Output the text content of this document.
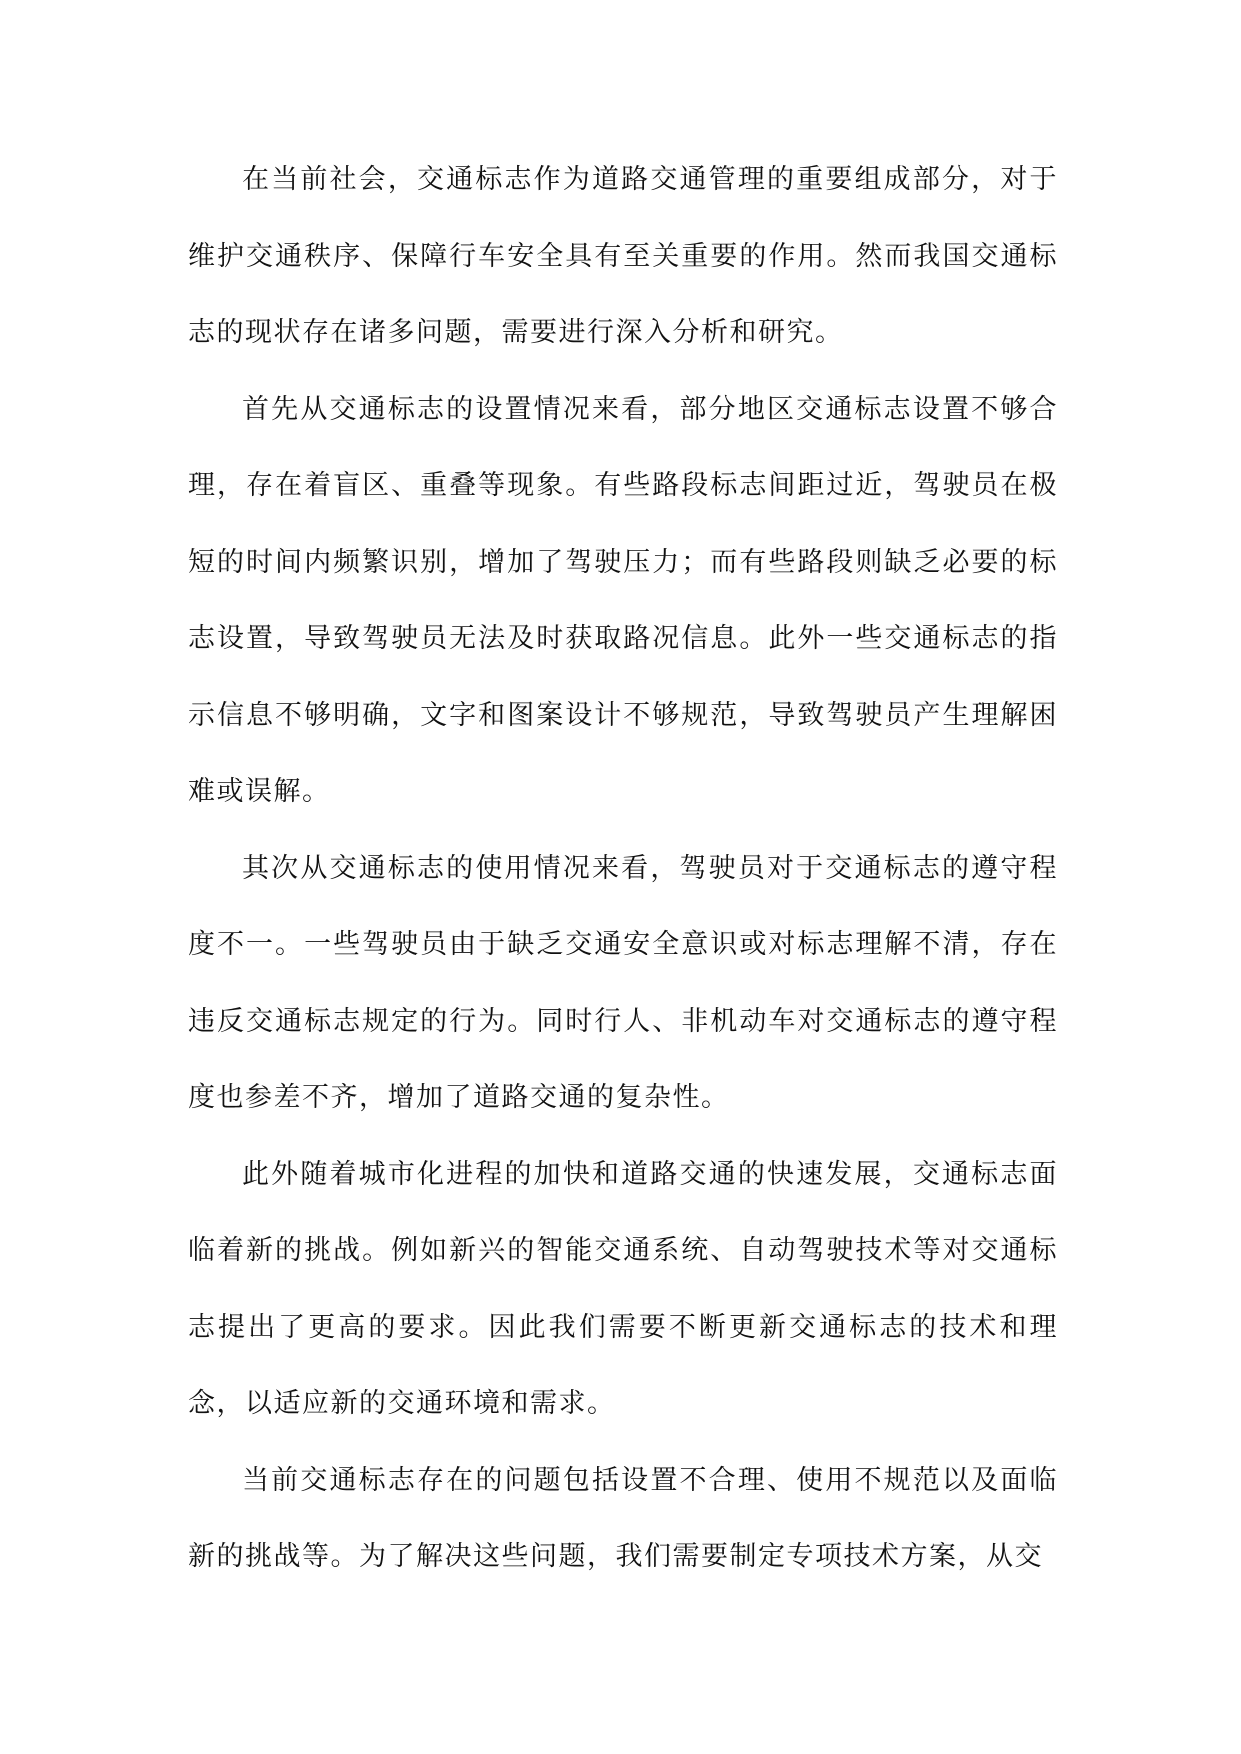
在当前社会，交通标志作为道路交通管理的重要组成部分，对于维护交通秩序、保障行车安全具有至关重要的作用。然而我国交通标志的现状存在诸多问题，需要进行深入分析和研究。

首先从交通标志的设置情况来看，部分地区交通标志设置不够合理，存在着盲区、重叠等现象。有些路段标志间距过近，驾驶员在极短的时间内频繁识别，增加了驾驶压力；而有些路段则缺乏必要的标志设置，导致驾驶员无法及时获取路况信息。此外一些交通标志的指示信息不够明确，文字和图案设计不够规范，导致驾驶员产生理解困难或误解。

其次从交通标志的使用情况来看，驾驶员对于交通标志的遵守程度不一。一些驾驶员由于缺乏交通安全意识或对标志理解不清，存在违反交通标志规定的行为。同时行人、非机动车对交通标志的遵守程度也参差不齐，增加了道路交通的复杂性。

此外随着城市化进程的加快和道路交通的快速发展，交通标志面临着新的挑战。例如新兴的智能交通系统、自动驾驶技术等对交通标志提出了更高的要求。因此我们需要不断更新交通标志的技术和理念，以适应新的交通环境和需求。

当前交通标志存在的问题包括设置不合理、使用不规范以及面临新的挑战等。为了解决这些问题，我们需要制定专项技术方案，从交
